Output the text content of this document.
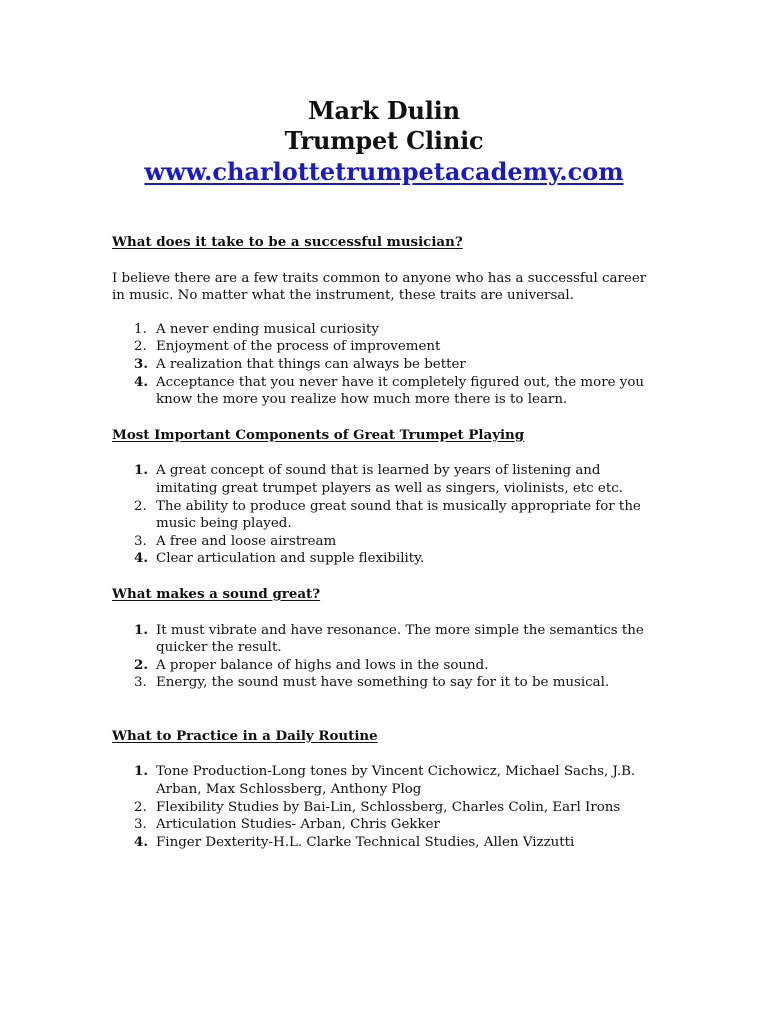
Mark Dulin
Trumpet Clinic
www.charlottetrumpetacademy.com

What does it take to be a successful musician?

I believe there are a few traits common to anyone who has a successful career in music. No matter what the instrument, these traits are universal.

1. A never ending musical curiosity
2. Enjoyment of the process of improvement
3. A realization that things can always be better
4. Acceptance that you never have it completely figured out, the more you know the more you realize how much more there is to learn.

Most Important Components of Great Trumpet Playing

1. A great concept of sound that is learned by years of listening and imitating great trumpet players as well as singers, violinists, etc etc.
2. The ability to produce great sound that is musically appropriate for the music being played.
3. A free and loose airstream
4. Clear articulation and supple flexibility.

What makes a sound great?

1. It must vibrate and have resonance. The more simple the semantics the quicker the result.
2. A proper balance of highs and lows in the sound.
3. Energy, the sound must have something to say for it to be musical.

What to Practice in a Daily Routine

1. Tone Production-Long tones by Vincent Cichowicz, Michael Sachs, J.B. Arban, Max Schlossberg, Anthony Plog
2. Flexibility Studies by Bai-Lin, Schlossberg, Charles Colin, Earl Irons
3. Articulation Studies- Arban, Chris Gekker
4. Finger Dexterity-H.L. Clarke Technical Studies, Allen Vizzutti
